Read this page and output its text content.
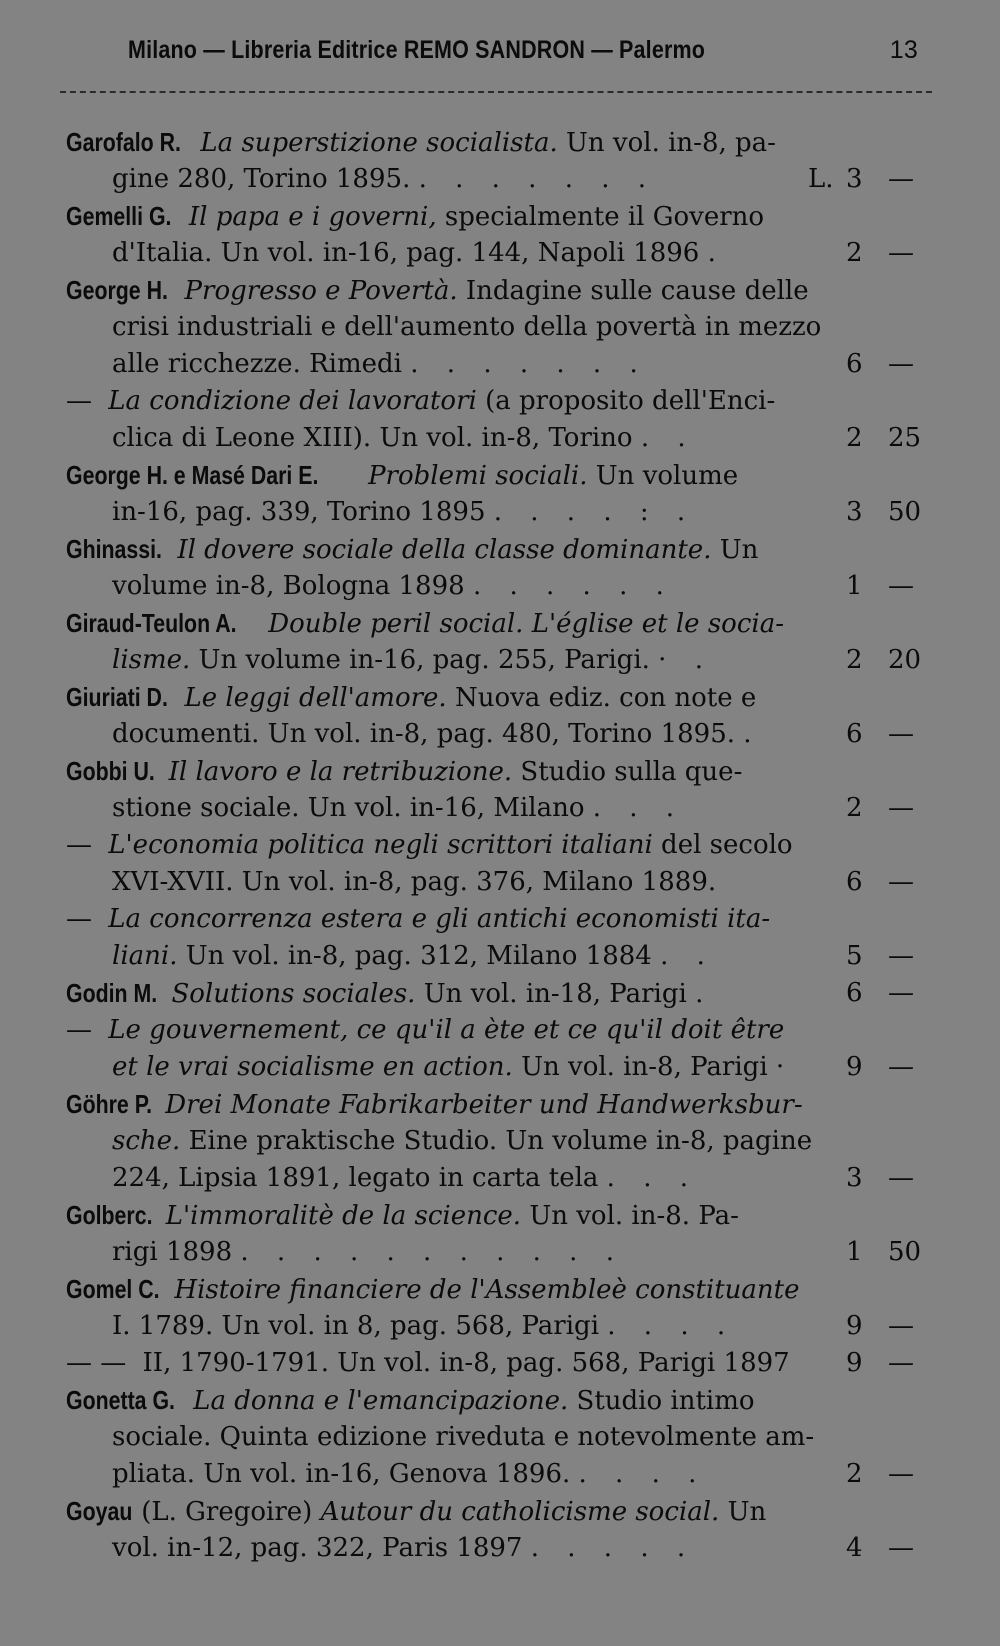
Milano — Libreria Editrice REMO SANDRON — Palermo	13
Garofalo R. La superstizione socialista. Un vol. in-8, pa-
gine 280, Torino 1895. . . . . . . .	L. 3 —
Gemelli G. Il papa e i governi, specialmente il Governo
d'Italia. Un vol. in-16, pag. 144, Napoli 1896 .	2 —
George H. Progresso e Povertà. Indagine sulle cause delle
crisi industriali e dell'aumento della povertà in mezzo
alle ricchezze. Rimedi . . . . . . .	6 —
— La condizione dei lavoratori (a proposito dell'Enci-
clica di Leone XIII). Un vol. in-8, Torino . .	2 25
George H. e Masé Dari E. Problemi sociali. Un volume
in-16, pag. 339, Torino 1895 . . . . : .	3 50
Ghinassi. Il dovere sociale della classe dominante. Un
volume in-8, Bologna 1898 . . . . . .	1 —
Giraud-Teulon A. Double peril social. L'église et le socia-
lisme. Un volume in-16, pag. 255, Parigi. · .	2 20
Giuriati D. Le leggi dell'amore. Nuova ediz. con note e
documenti. Un vol. in-8, pag. 480, Torino 1895. .	6 —
Gobbi U. Il lavoro e la retribuzione. Studio sulla que-
stione sociale. Un vol. in-16, Milano . . .	2 —
— L'economia politica negli scrittori italiani del secolo
XVI-XVII. Un vol. in-8, pag. 376, Milano 1889.	6 —
— La concorrenza estera e gli antichi economisti ita-
liani. Un vol. in-8, pag. 312, Milano 1884 . .	5 —
Godin M. Solutions sociales. Un vol. in-18, Parigi .	6 —
— Le gouvernement, ce qu'il a ète et ce qu'il doit être
et le vrai socialisme en action. Un vol. in-8, Parigi · 9 —
Göhre P. Drei Monate Fabrikarbeiter und Handwerksbur-
sche. Eine praktische Studio. Un volume in-8, pagine
224, Lipsia 1891, legato in carta tela . . .	3 —
Golberc. L'immoralitè de la science. Un vol. in-8. Pa-
rigi 1898 . . . . . . . . . . .	1 50
Gomel C. Histoire financiere de l'Assembleè constituante
I. 1789. Un vol. in 8, pag. 568, Parigi . . . .	9 —
— — II, 1790-1791. Un vol. in-8, pag. 568, Parigi 1897 9 —
Gonetta G. La donna e l'emancipazione. Studio intimo
sociale. Quinta edizione riveduta e notevolmente am-
pliata. Un vol. in-16, Genova 1896. . . . .	2 —
Goyau (L. Gregoire) Autour du catholicisme social. Un
vol. in-12, pag. 322, Paris 1897 . . . . .	4 —
